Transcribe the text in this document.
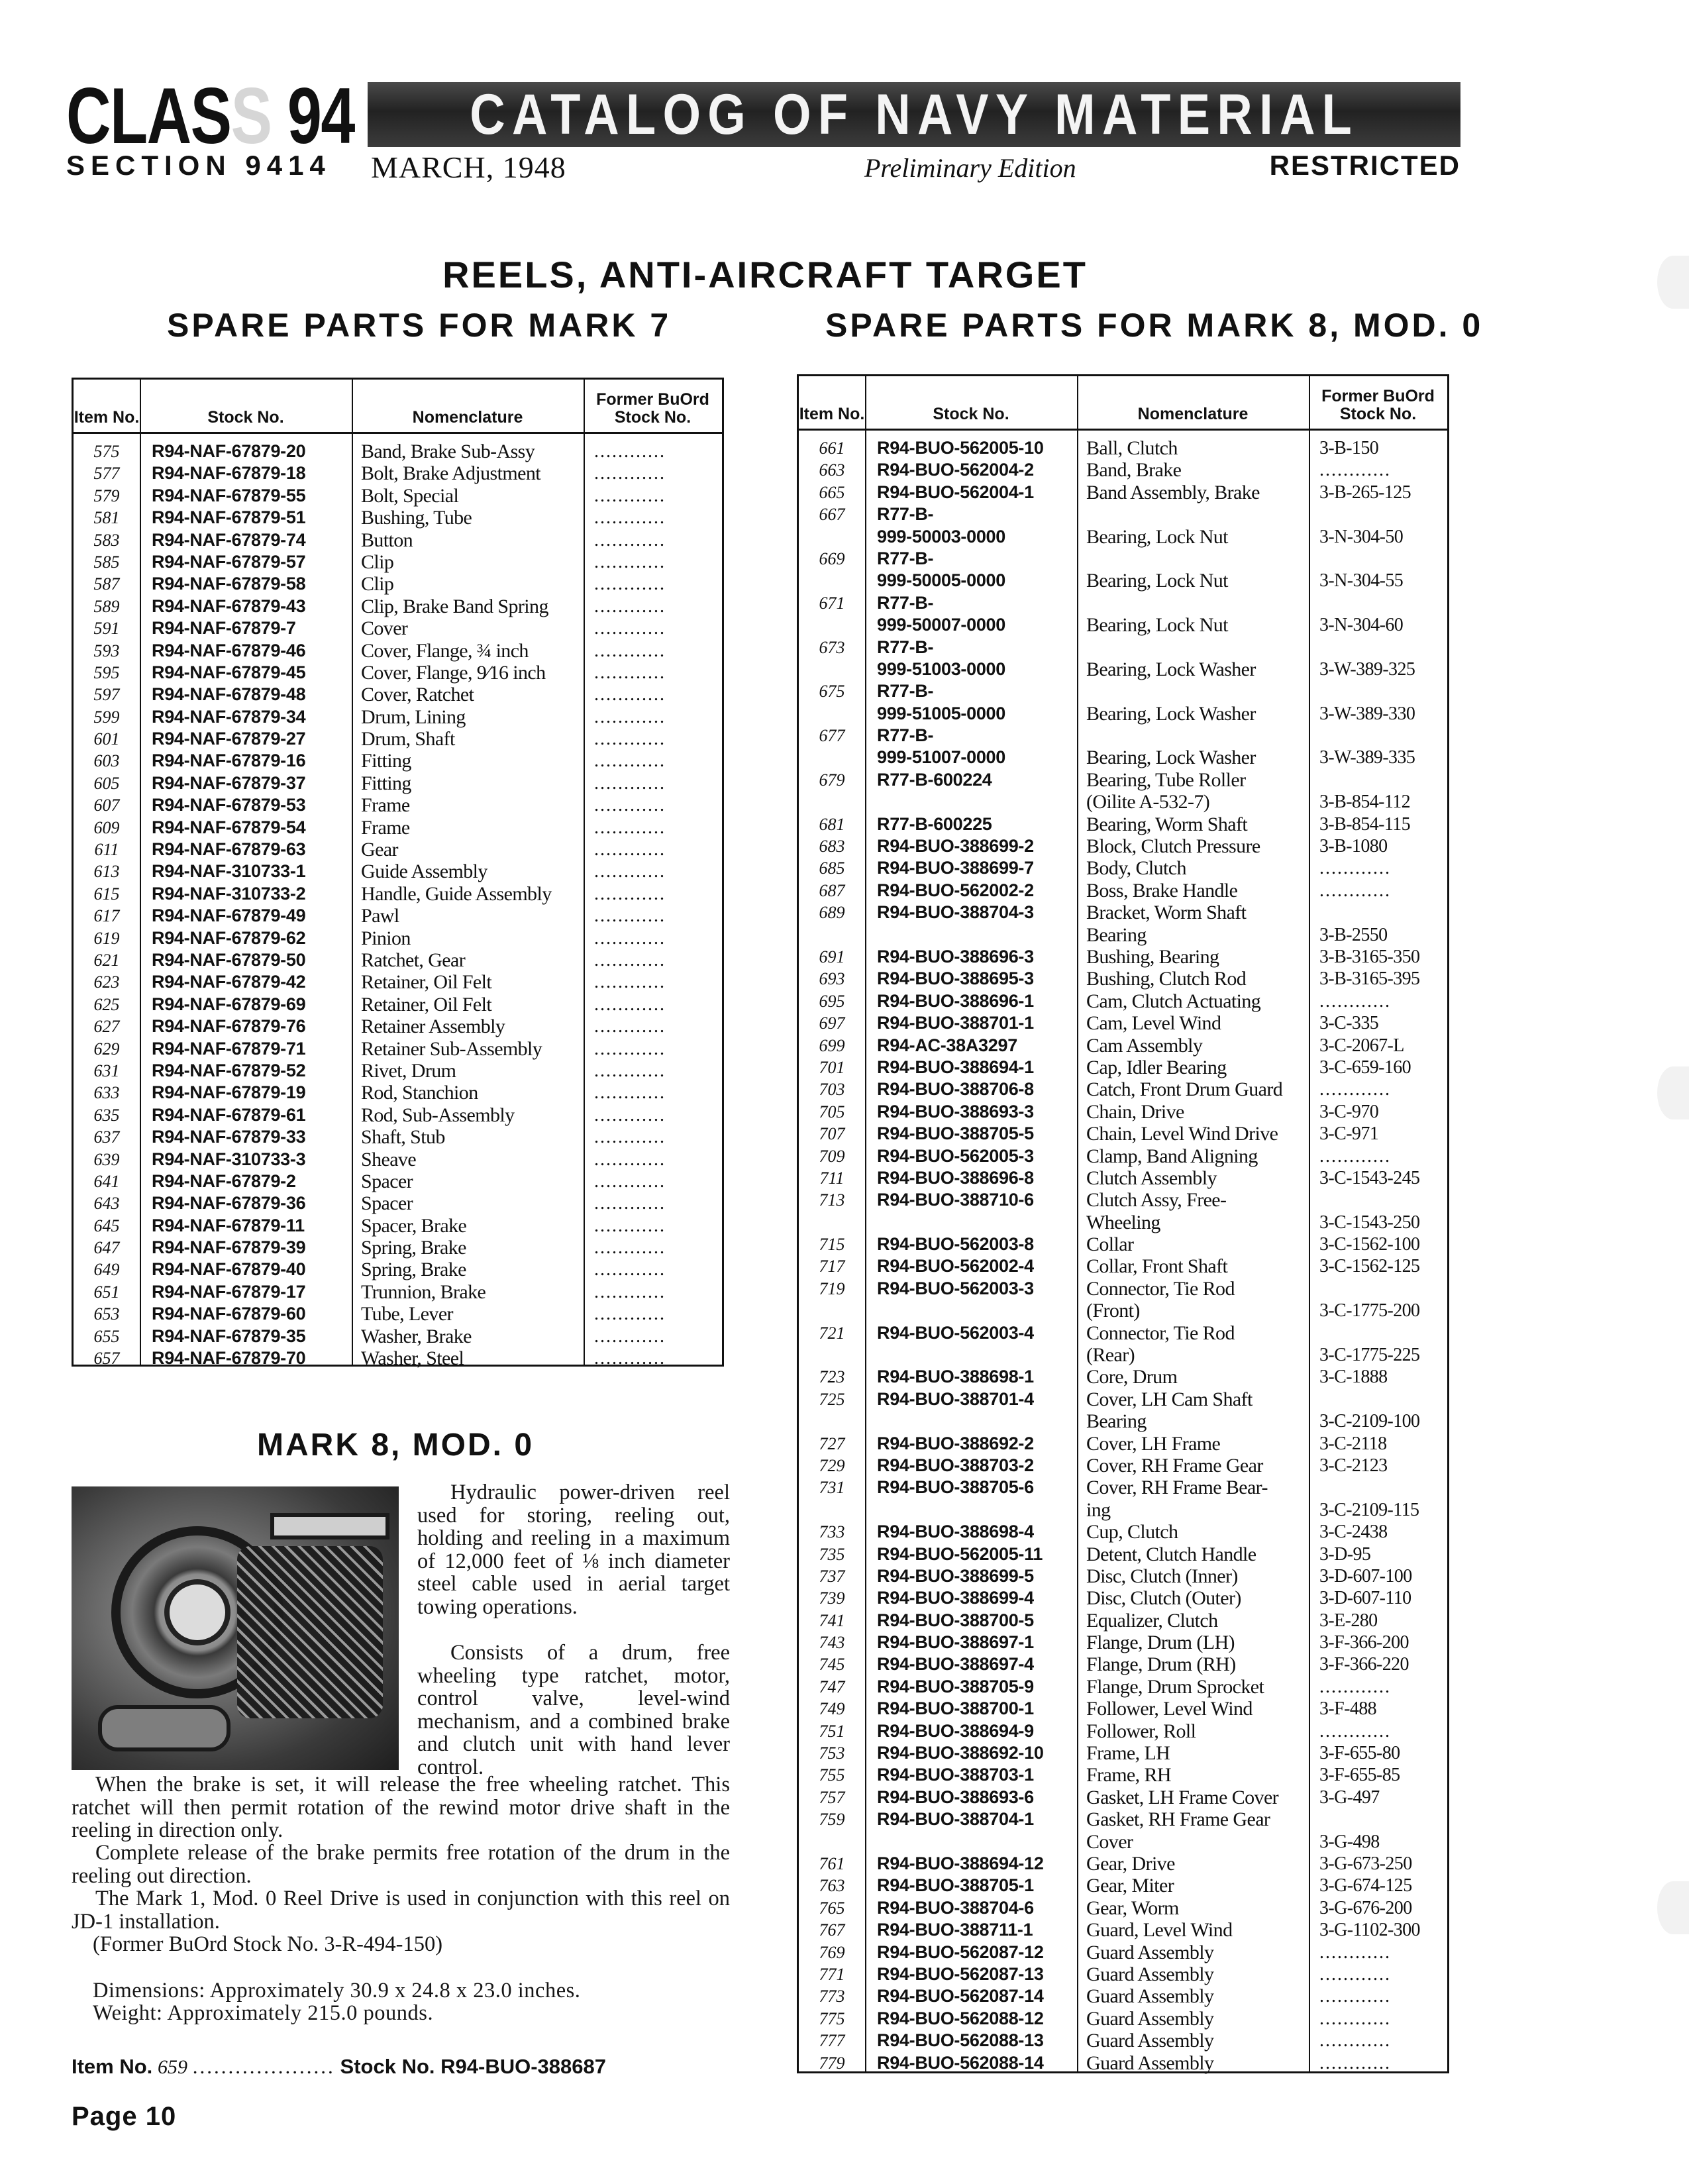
CLASS 94 CATALOG OF NAVY MATERIAL
SECTION 9414 MARCH, 1948	Preliminary Edition	RESTRICTED
REELS, ANTI-AIRCRAFT TARGET
SPARE PARTS FOR MARK 7	SPARE PARTS FOR MARK 8, MOD. 0
Item No.	Stock No.	Nomenclature
Former BuOrd Stock No.
575	R94-NAF-67879-20	Band, Brake Sub-Assy	............
577	R94-NAF-67879-18	Bolt, Brake Adjustment	............
579	R94-NAF-67879-55	Bolt, Special	............
581	R94-NAF-67879-51	Bushing, Tube	............
583	R94-NAF-67879-74	Button	............
585	R94-NAF-67879-57	Clip	............
587	R94-NAF-67879-58	Clip	............
589	R94-NAF-67879-43	Clip, Brake Band Spring ............
591	R94-NAF-67879-7	Cover	............
593	R94-NAF-67879-46	Cover, Flange, ¾ inch	............
595	R94-NAF-67879-45	Cover, Flange, 9⁄16 inch	............
597	R94-NAF-67879-48	Cover, Ratchet	............
599	R94-NAF-67879-34	Drum, Lining	............
601	R94-NAF-67879-27	Drum, Shaft	............
603	R94-NAF-67879-16	Fitting	............
605	R94-NAF-67879-37	Fitting	............
607	R94-NAF-67879-53	Frame	............
609	R94-NAF-67879-54	Frame	............
611	R94-NAF-67879-63	Gear	............
613	R94-NAF-310733-1	Guide Assembly	............
615	R94-NAF-310733-2	Handle, Guide Assembly ............
617	R94-NAF-67879-49	Pawl	............
619	R94-NAF-67879-62	Pinion	............
621	R94-NAF-67879-50	Ratchet, Gear	............
623	R94-NAF-67879-42	Retainer, Oil Felt	............
625	R94-NAF-67879-69	Retainer, Oil Felt	............
627	R94-NAF-67879-76	Retainer Assembly	............
629	R94-NAF-67879-71	Retainer Sub-Assembly	............
631	R94-NAF-67879-52	Rivet, Drum	............
633	R94-NAF-67879-19	Rod, Stanchion	............
635	R94-NAF-67879-61	Rod, Sub-Assembly	............
637	R94-NAF-67879-33	Shaft, Stub	............
639	R94-NAF-310733-3	Sheave	............
641	R94-NAF-67879-2	Spacer	............
643	R94-NAF-67879-36	Spacer	............
645	R94-NAF-67879-11	Spacer, Brake	............
647	R94-NAF-67879-39	Spring, Brake	............
649	R94-NAF-67879-40	Spring, Brake	............
651	R94-NAF-67879-17	Trunnion, Brake	............
653	R94-NAF-67879-60	Tube, Lever	............
655	R94-NAF-67879-35	Washer, Brake	............
657	R94-NAF-67879-70	Washer, Steel	............
Item No.	Stock No.	Nomenclature
Former BuOrd Stock No.
661	R94-BUO-562005-10 Ball, Clutch	3-B-150
663	R94-BUO-562004-2	Band, Brake	............
665	R94-BUO-562004-1	Band Assembly, Brake	3-B-265-125
667	R77-B-
999-50003-0000	Bearing, Lock Nut	3-N-304-50
669	R77-B-
999-50005-0000	Bearing, Lock Nut	3-N-304-55
671	R77-B-
999-50007-0000	Bearing, Lock Nut	3-N-304-60
673	R77-B-
999-51003-0000	Bearing, Lock Washer	3-W-389-325
675	R77-B-
999-51005-0000	Bearing, Lock Washer	3-W-389-330
677	R77-B-
999-51007-0000	Bearing, Lock Washer	3-W-389-335
679	R77-B-600224	Bearing, Tube Roller
(Oilite A-532-7)	3-B-854-112
681	R77-B-600225	Bearing, Worm Shaft	3-B-854-115
683	R94-BUO-388699-2	Block, Clutch Pressure	3-B-1080
685	R94-BUO-388699-7	Body, Clutch	............
687	R94-BUO-562002-2	Boss, Brake Handle	............
689	R94-BUO-388704-3	Bracket, Worm Shaft
Bearing	3-B-2550
691	R94-BUO-388696-3	Bushing, Bearing	3-B-3165-350
693	R94-BUO-388695-3	Bushing, Clutch Rod	3-B-3165-395
695	R94-BUO-388696-1	Cam, Clutch Actuating	............
697	R94-BUO-388701-1	Cam, Level Wind	3-C-335
699	R94-AC-38A3297	Cam Assembly	3-C-2067-L
701	R94-BUO-388694-1	Cap, Idler Bearing	3-C-659-160
703	R94-BUO-388706-8	Catch, Front Drum Guard ............
705	R94-BUO-388693-3	Chain, Drive	3-C-970
707	R94-BUO-388705-5	Chain, Level Wind Drive 3-C-971
709	R94-BUO-562005-3	Clamp, Band Aligning	............
711	R94-BUO-388696-8	Clutch Assembly	3-C-1543-245
713	R94-BUO-388710-6	Clutch Assy, Free-
Wheeling	3-C-1543-250
715	R94-BUO-562003-8	Collar	3-C-1562-100
717	R94-BUO-562002-4	Collar, Front Shaft	3-C-1562-125
719	R94-BUO-562003-3	Connector, Tie Rod
(Front)	3-C-1775-200
721	R94-BUO-562003-4	Connector, Tie Rod
(Rear)	3-C-1775-225
723	R94-BUO-388698-1	Core, Drum	3-C-1888
725	R94-BUO-388701-4	Cover, LH Cam Shaft
Bearing	3-C-2109-100
727	R94-BUO-388692-2	Cover, LH Frame	3-C-2118
729	R94-BUO-388703-2	Cover, RH Frame Gear	3-C-2123
731	R94-BUO-388705-6	Cover, RH Frame Bear-
ing	3-C-2109-115
733	R94-BUO-388698-4	Cup, Clutch	3-C-2438
735	R94-BUO-562005-11 Detent, Clutch Handle	3-D-95
737	R94-BUO-388699-5	Disc, Clutch (Inner)	3-D-607-100
739	R94-BUO-388699-4	Disc, Clutch (Outer)	3-D-607-110
741	R94-BUO-388700-5	Equalizer, Clutch	3-E-280
743	R94-BUO-388697-1	Flange, Drum (LH)	3-F-366-200
745	R94-BUO-388697-4	Flange, Drum (RH)	3-F-366-220
747	R94-BUO-388705-9	Flange, Drum Sprocket	............
749	R94-BUO-388700-1	Follower, Level Wind	3-F-488
751	R94-BUO-388694-9	Follower, Roll	............
753	R94-BUO-388692-10 Frame, LH	3-F-655-80
755	R94-BUO-388703-1	Frame, RH	3-F-655-85
757	R94-BUO-388693-6	Gasket, LH Frame Cover 3-G-497
759	R94-BUO-388704-1	Gasket, RH Frame Gear
Cover	3-G-498
761	R94-BUO-388694-12 Gear, Drive	3-G-673-250
763	R94-BUO-388705-1	Gear, Miter	3-G-674-125
765	R94-BUO-388704-6	Gear, Worm	3-G-676-200
767	R94-BUO-388711-1	Guard, Level Wind	3-G-1102-300
769	R94-BUO-562087-12 Guard Assembly	............
771	R94-BUO-562087-13 Guard Assembly	............
773	R94-BUO-562087-14 Guard Assembly	............
775	R94-BUO-562088-12 Guard Assembly	............
777	R94-BUO-562088-13 Guard Assembly	............
779	R94-BUO-562088-14 Guard Assembly	............
MARK 8, MOD. 0
Hydraulic power-driven reel used for storing, reeling out, holding and reeling in a maximum of 12,000 feet of ⅛ inch diameter steel cable used in aerial target towing operations.
Consists of a drum, free wheeling type ratchet, motor, control valve, level-wind mechanism, and a combined brake and clutch unit with hand lever control.
When the brake is set, it will release the free wheeling ratchet. This ratchet will then permit rotation of the rewind motor drive shaft in the reeling in direction only.
Complete release of the brake permits free rotation of the drum in the reeling out direction.
The Mark 1, Mod. 0 Reel Drive is used in conjunction with this reel on JD-1 installation.
(Former BuOrd Stock No. 3-R-494-150)
Dimensions: Approximately 30.9 x 24.8 x 23.0 inches.
Weight: Approximately 215.0 pounds.
Item No. 659 .................... Stock No. R94-BUO-388687
Page 10
